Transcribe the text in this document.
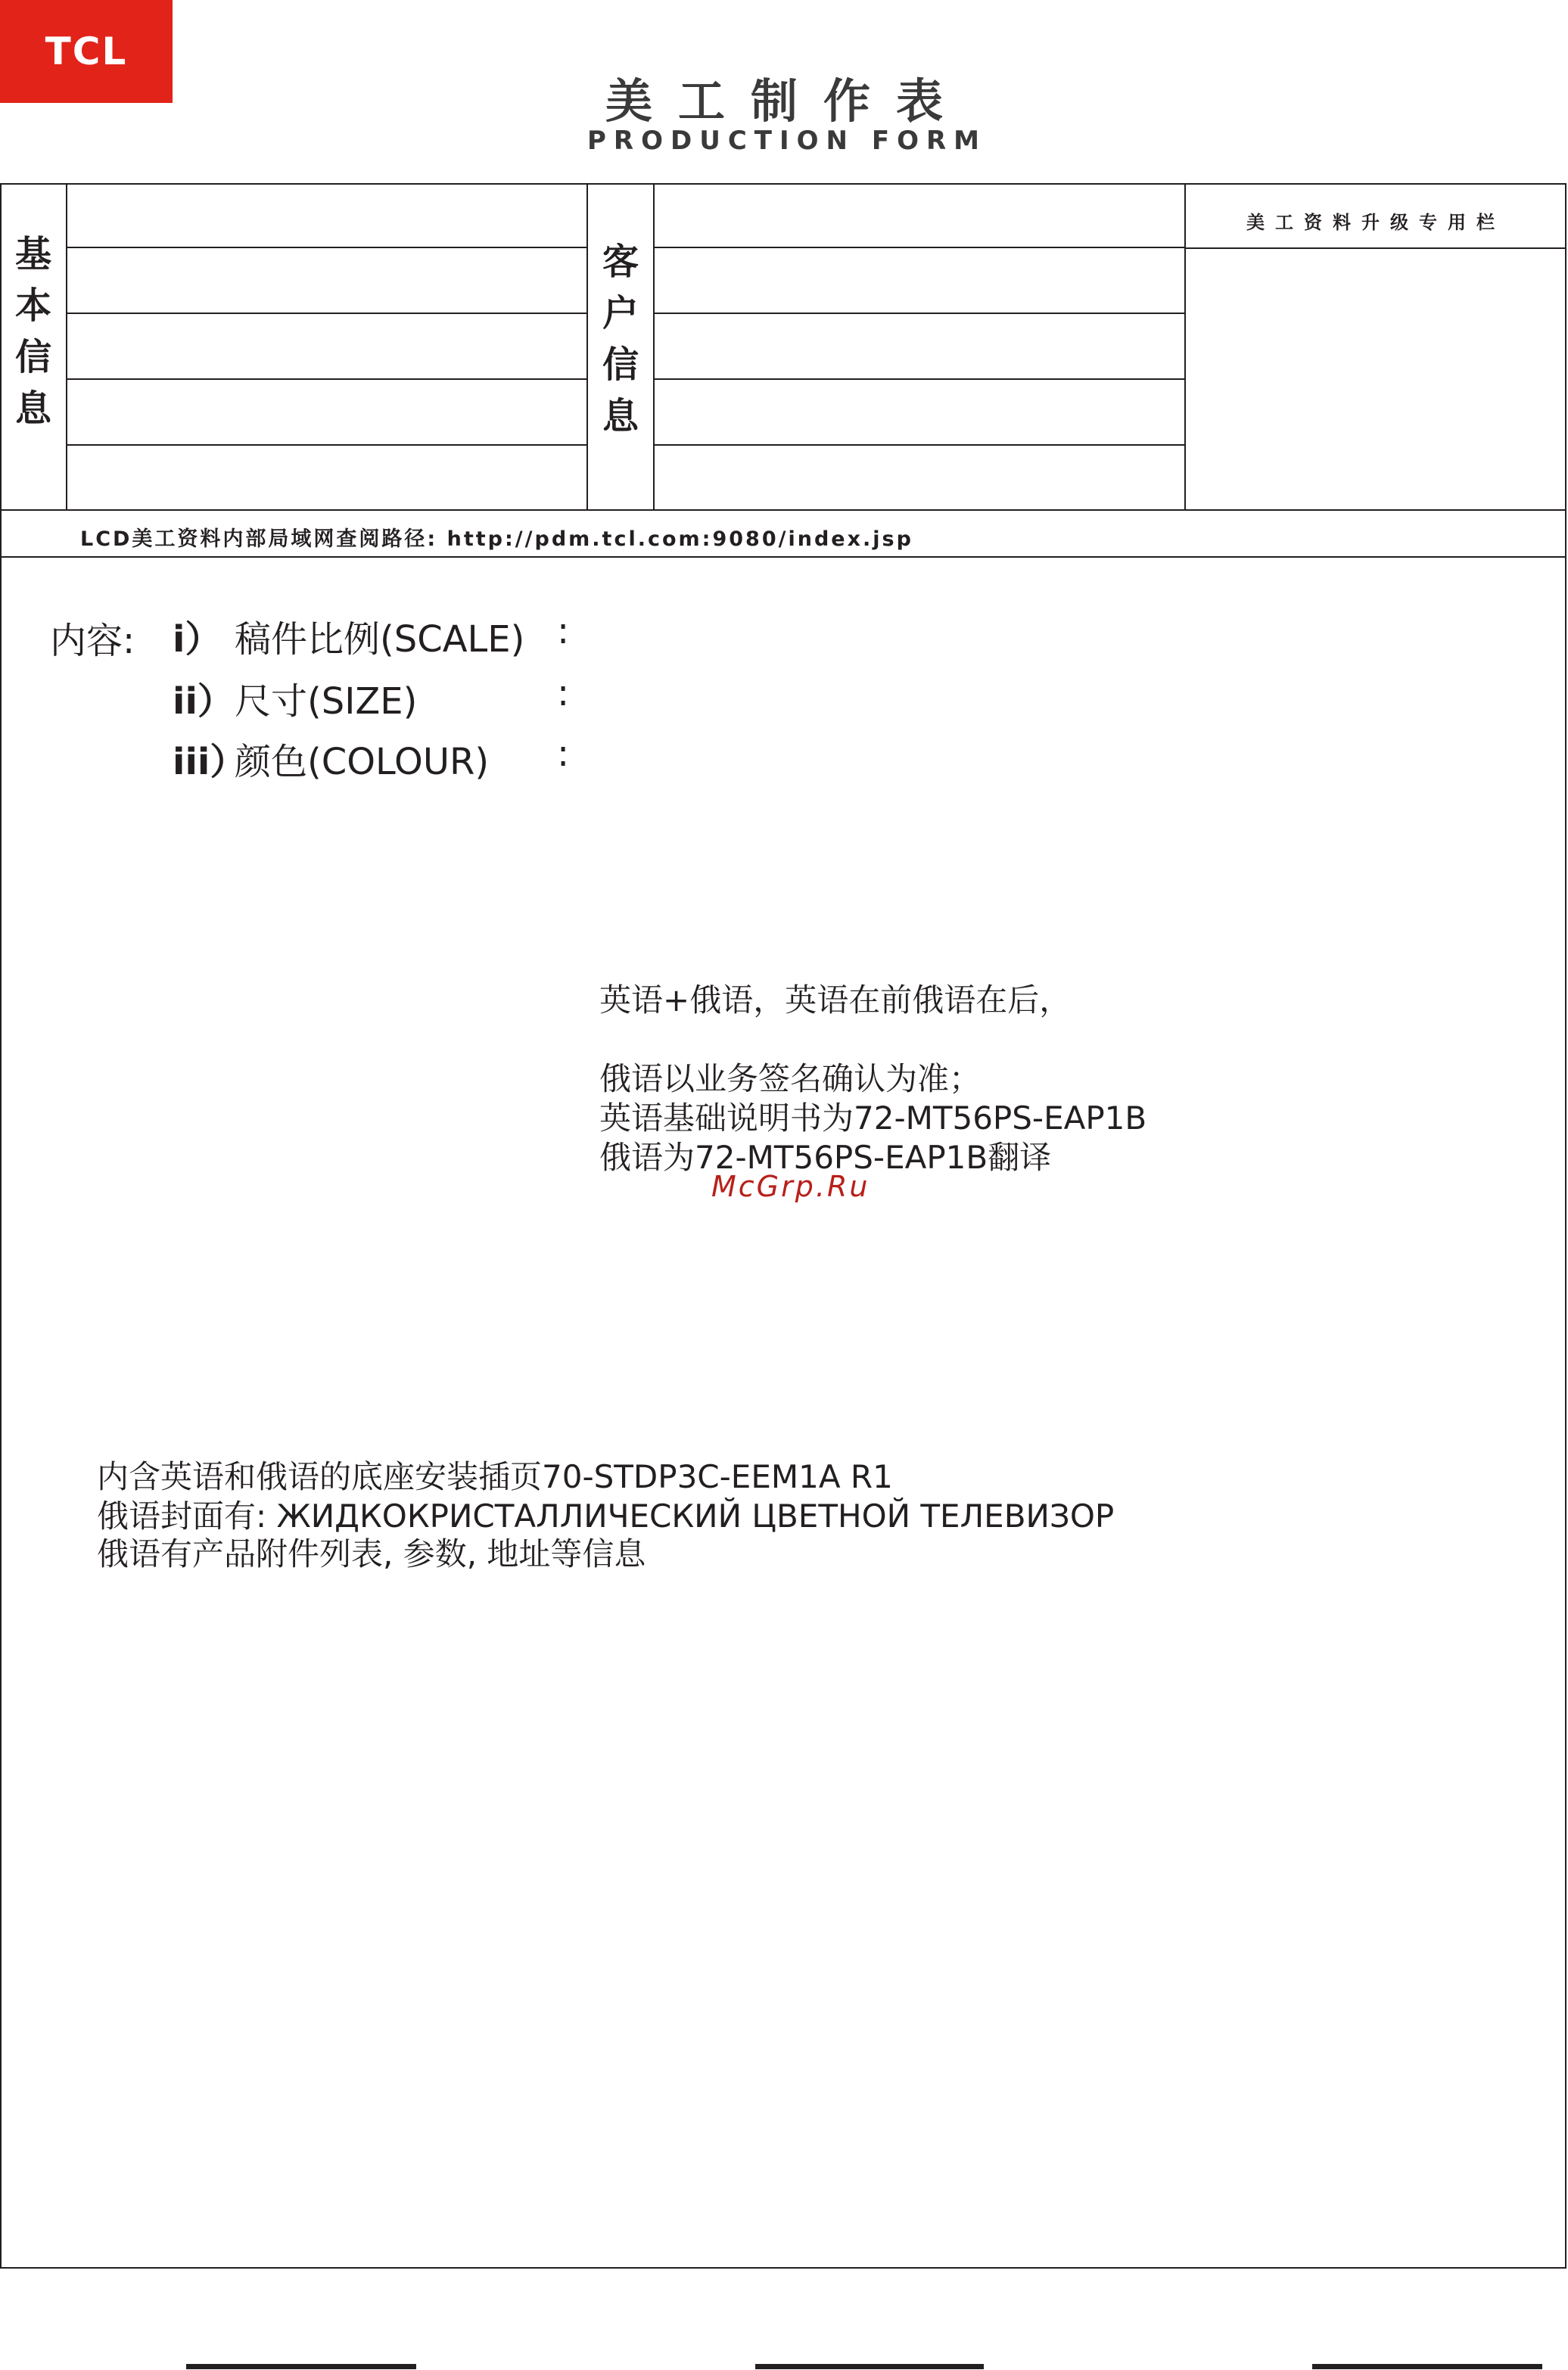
TCL
美工制作表
PRODUCTION FORM
基
本
信
息
客
户
信
息
美工资料升级专用栏
LCD美工资料内部局域网查阅路径: http://pdm.tcl.com:9080/index.jsp
内容: i） 稿件比例(SCALE) :
ii） 尺寸(SIZE)	:
iii）
颜色(COLOUR) :
英语+俄语，英语在前俄语在后，
俄语以业务签名确认为准；
英语基础说明书为72-MT56PS-EAP1B
俄语为72-MT56PS-EAP1B翻译
McGrp.Ru
内含英语和俄语的底座安装插页70-STDP3C-EEM1A R1
俄语封面有: ЖИДКОКРИСТАЛЛИЧЕСКИЙ ЦВЕТНОЙ ТЕЛЕВИЗОР
俄语有产品附件列表, 参数, 地址等信息
